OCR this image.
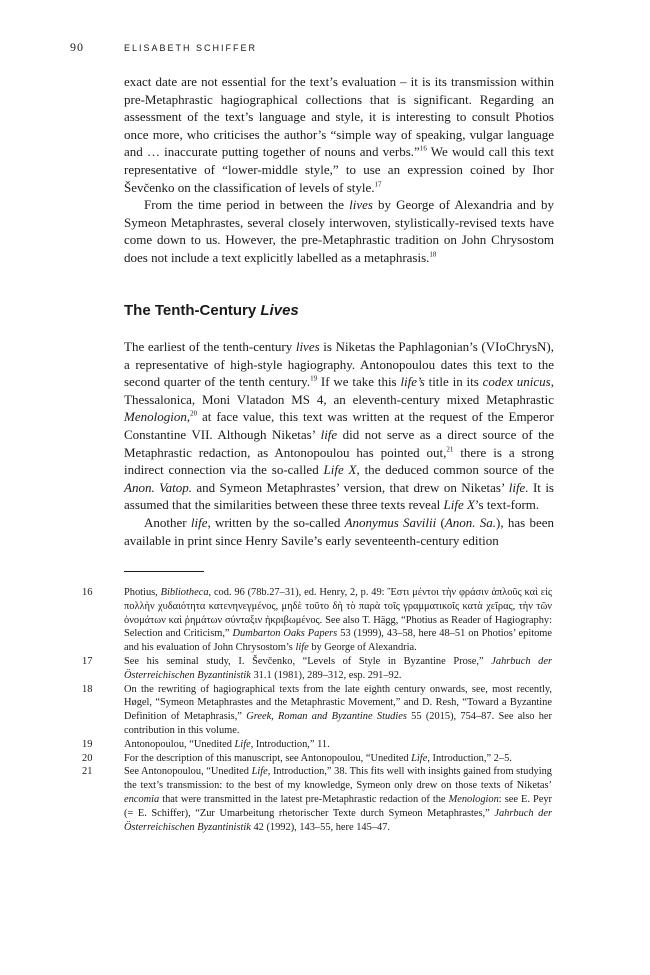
90	ELISABETH SCHIFFER

exact date are not essential for the text’s evaluation – it is its transmission within pre-Metaphrastic hagiographical collections that is significant. Regarding an assessment of the text’s language and style, it is interesting to consult Photios once more, who criticises the author’s “simple way of speaking, vulgar language and … inaccurate putting together of nouns and verbs.”$^{16}$ We would call this text representative of “lower-middle style,” to use an expression coined by Ihor Ševčenko on the classification of levels of style.$^{17}$

From the time period in between the lives by George of Alexandria and by Symeon Metaphrastes, several closely interwoven, stylistically-revised texts have come down to us. However, the pre-Metaphrastic tradition on John Chrysostom does not include a text explicitly labelled as a metaphrasis.$^{18}$

The Tenth-Century Lives

The earliest of the tenth-century lives is Niketas the Paphlagonian’s (VIoChrysN), a representative of high-style hagiography. Antonopoulou dates this text to the second quarter of the tenth century.$^{19}$ If we take this life’s title in its codex unicus, Thessalonica, Moni Vlatadon MS 4, an eleventh-century mixed Metaphrastic Menologion,$^{20}$ at face value, this text was written at the request of the Emperor Constantine VII. Although Niketas’ life did not serve as a direct source of the Metaphrastic redaction, as Antonopoulou has pointed out,$^{21}$ there is a strong indirect connection via the so-called Life X, the deduced common source of the Anon. Vatop. and Symeon Metaphrastes’ version, that drew on Niketas’ life. It is assumed that the similarities between these three texts reveal Life X’s text-form.

Another life, written by the so-called Anonymus Savilii (Anon. Sa.), has been available in print since Henry Savile’s early seventeenth-century edition

16	Photius, Bibliotheca, cod. 96 (78b.27–31), ed. Henry, 2, p. 49: Ἔστι μέντοι τὴν φράσιν ἁπλοῦς καὶ εἰς πολλὴν χυδαιότητα κατενηνεγμένος, μηδὲ τοῦτο δὴ τὸ παρὰ τοῖς γραμματικοῖς κατὰ χεῖρας, τὴν τῶν ὀνομάτων καὶ ῥημάτων σύνταξιν ἠκριβωμένος. See also T. Hägg, “Photius as Reader of Hagiography: Selection and Criticism,” Dumbarton Oaks Papers 53 (1999), 43–58, here 48–51 on Photios’ epitome and his evaluation of John Chrysostom’s life by George of Alexandria.
17	See his seminal study, I. Ševčenko, “Levels of Style in Byzantine Prose,” Jahrbuch der Österreichischen Byzantinistik 31.1 (1981), 289–312, esp. 291–92.
18	On the rewriting of hagiographical texts from the late eighth century onwards, see, most recently, Høgel, “Symeon Metaphrastes and the Metaphrastic Movement,” and D. Resh, “Toward a Byzantine Definition of Metaphrasis,” Greek, Roman and Byzantine Studies 55 (2015), 754–87. See also her contribution in this volume.
19	Antonopoulou, “Unedited Life, Introduction,” 11.
20	For the description of this manuscript, see Antonopoulou, “Unedited Life, Introduction,” 2–5.
21	See Antonopoulou, “Unedited Life, Introduction,” 38. This fits well with insights gained from studying the text’s transmission: to the best of my knowledge, Symeon only drew on those texts of Niketas’ encomia that were transmitted in the latest pre-Metaphrastic redaction of the Menologion: see E. Peyr (= E. Schiffer), “Zur Umarbeitung rhetorischer Texte durch Symeon Metaphrastes,” Jahrbuch der Österreichischen Byzantinistik 42 (1992), 143–55, here 145–47.
